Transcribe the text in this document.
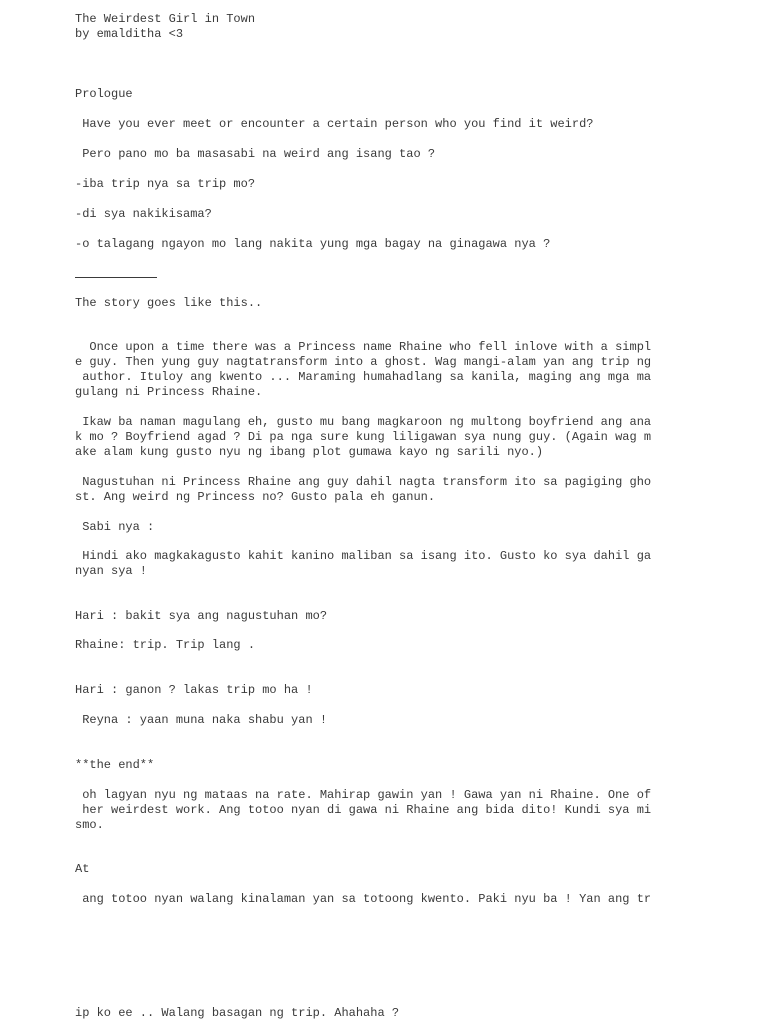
The Weirdest Girl in Town

by emalditha <3

Prologue

Have you ever meet or encounter a certain person who you find it weird?

Pero pano mo ba masasabi na weird ang isang tao ?

-iba trip nya sa trip mo?

-di sya nakikisama?

-o talagang ngayon mo lang nakita yung mga bagay na ginagawa nya ?

The story goes like this..

Once upon a time there was a Princess name Rhaine who fell inlove with a simpl

e guy. Then yung guy nagtatransform into a ghost. Wag mangi-alam yan ang trip ng

author. Ituloy ang kwento ... Maraming humahadlang sa kanila, maging ang mga ma

gulang ni Princess Rhaine.

Ikaw ba naman magulang eh, gusto mu bang magkaroon ng multong boyfriend ang ana

k mo ? Boyfriend agad ? Di pa nga sure kung liligawan sya nung guy. (Again wag m

ake alam kung gusto nyu ng ibang plot gumawa kayo ng sarili nyo.)

Nagustuhan ni Princess Rhaine ang guy dahil nagta transform ito sa pagiging gho

st. Ang weird ng Princess no? Gusto pala eh ganun.

Sabi nya :

Hindi ako magkakagusto kahit kanino maliban sa isang ito. Gusto ko sya dahil ga

nyan sya !

Hari : bakit sya ang nagustuhan mo?

Rhaine: trip. Trip lang .

Hari : ganon ? lakas trip mo ha !

Reyna : yaan muna naka shabu yan !

**the end**

oh lagyan nyu ng mataas na rate. Mahirap gawin yan ! Gawa yan ni Rhaine. One of

her weirdest work. Ang totoo nyan di gawa ni Rhaine ang bida dito! Kundi sya mi

smo.

At

ang totoo nyan walang kinalaman yan sa totoong kwento. Paki nyu ba ! Yan ang tr

ip ko ee .. Walang basagan ng trip. Ahahaha ?
